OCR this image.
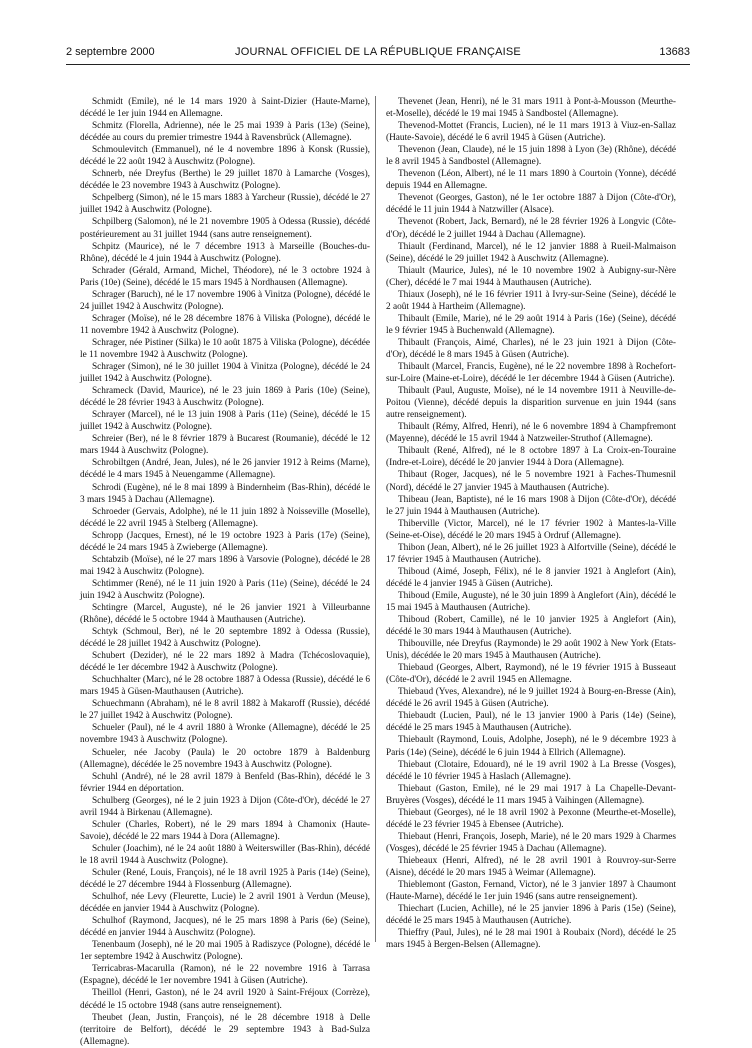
2 septembre 2000	JOURNAL OFFICIEL DE LA RÉPUBLIQUE FRANÇAISE	13683

Schmidt (Emile), né le 14 mars 1920 à Saint-Dizier (Haute-Marne), décédé le 1er juin 1944 en Allemagne.

Schmitz (Florella, Adrienne), née le 25 mai 1939 à Paris (13e) (Seine), décédée au cours du premier trimestre 1944 à Ravensbrück (Allemagne).

Schmoulevitch (Emmanuel), né le 4 novembre 1896 à Konsk (Russie), décédé le 22 août 1942 à Auschwitz (Pologne).

Schnerb, née Dreyfus (Berthe) le 29 juillet 1870 à Lamarche (Vosges), décédée le 23 novembre 1943 à Auschwitz (Pologne).

Schpelberg (Simon), né le 15 mars 1883 à Yarcheur (Russie), décédé le 27 juillet 1942 à Auschwitz (Pologne).

Schpilberg (Salomon), né le 21 novembre 1905 à Odessa (Russie), décédé postérieurement au 31 juillet 1944 (sans autre renseignement).

Schpitz (Maurice), né le 7 décembre 1913 à Marseille (Bouches-du-Rhône), décédé le 4 juin 1944 à Auschwitz (Pologne).

Schrader (Gérald, Armand, Michel, Théodore), né le 3 octobre 1924 à Paris (10e) (Seine), décédé le 15 mars 1945 à Nordhausen (Allemagne).

Schrager (Baruch), né le 17 novembre 1906 à Vinitza (Pologne), décédé le 24 juillet 1942 à Auschwitz (Pologne).

Schrager (Moïse), né le 28 décembre 1876 à Viliska (Pologne), décédé le 11 novembre 1942 à Auschwitz (Pologne).

Schrager, née Pistiner (Silka) le 10 août 1875 à Viliska (Pologne), décédée le 11 novembre 1942 à Auschwitz (Pologne).

Schrager (Simon), né le 30 juillet 1904 à Vinitza (Pologne), décédé le 24 juillet 1942 à Auschwitz (Pologne).

Schrameck (David, Maurice), né le 23 juin 1869 à Paris (10e) (Seine), décédé le 28 février 1943 à Auschwitz (Pologne).

Schrayer (Marcel), né le 13 juin 1908 à Paris (11e) (Seine), décédé le 15 juillet 1942 à Auschwitz (Pologne).

Schreier (Ber), né le 8 février 1879 à Bucarest (Roumanie), décédé le 12 mars 1944 à Auschwitz (Pologne).

Schrobiltgen (André, Jean, Jules), né le 26 janvier 1912 à Reims (Marne), décédé le 4 mars 1945 à Neuengamme (Allemagne).

Schrodi (Eugène), né le 8 mai 1899 à Bindernheim (Bas-Rhin), décédé le 3 mars 1945 à Dachau (Allemagne).

Schroeder (Gervais, Adolphe), né le 11 juin 1892 à Noisseville (Moselle), décédé le 22 avril 1945 à Stelberg (Allemagne).

Schropp (Jacques, Ernest), né le 19 octobre 1923 à Paris (17e) (Seine), décédé le 24 mars 1945 à Zwieberge (Allemagne).

Schtabzib (Moïse), né le 27 mars 1896 à Varsovie (Pologne), décédé le 28 mai 1942 à Auschwitz (Pologne).

Schtimmer (René), né le 11 juin 1920 à Paris (11e) (Seine), décédé le 24 juin 1942 à Auschwitz (Pologne).

Schtingre (Marcel, Auguste), né le 26 janvier 1921 à Villeurbanne (Rhône), décédé le 5 octobre 1944 à Mauthausen (Autriche).

Schtyk (Schmoul, Ber), né le 20 septembre 1892 à Odessa (Russie), décédé le 28 juillet 1942 à Auschwitz (Pologne).

Schubert (Dezider), né le 22 mars 1892 à Madra (Tchécoslovaquie), décédé le 1er décembre 1942 à Auschwitz (Pologne).

Schuchhalter (Marc), né le 28 octobre 1887 à Odessa (Russie), décédé le 6 mars 1945 à Güsen-Mauthausen (Autriche).

Schuechmann (Abraham), né le 8 avril 1882 à Makaroff (Russie), décédé le 27 juillet 1942 à Auschwitz (Pologne).

Schueler (Paul), né le 4 avril 1880 à Wronke (Allemagne), décédé le 25 novembre 1943 à Auschwitz (Pologne).

Schueler, née Jacoby (Paula) le 20 octobre 1879 à Baldenburg (Allemagne), décédée le 25 novembre 1943 à Auschwitz (Pologne).

Schuhl (André), né le 28 avril 1879 à Benfeld (Bas-Rhin), décédé le 3 février 1944 en déportation.

Schulberg (Georges), né le 2 juin 1923 à Dijon (Côte-d'Or), décédé le 27 avril 1944 à Birkenau (Allemagne).

Schuler (Charles, Robert), né le 29 mars 1894 à Chamonix (Haute-Savoie), décédé le 22 mars 1944 à Dora (Allemagne).

Schuler (Joachim), né le 24 août 1880 à Weiterswiller (Bas-Rhin), décédé le 18 avril 1944 à Auschwitz (Pologne).

Schuler (René, Louis, François), né le 18 avril 1925 à Paris (14e) (Seine), décédé le 27 décembre 1944 à Flossenburg (Allemagne).

Schulhof, née Levy (Fleurette, Lucie) le 2 avril 1901 à Verdun (Meuse), décédée en janvier 1944 à Auschwitz (Pologne).

Schulhof (Raymond, Jacques), né le 25 mars 1898 à Paris (6e) (Seine), décédé en janvier 1944 à Auschwitz (Pologne).

Tenenbaum (Joseph), né le 20 mai 1905 à Radiszyce (Pologne), décédé le 1er septembre 1942 à Auschwitz (Pologne).

Terricabras-Macarulla (Ramon), né le 22 novembre 1916 à Tarrasa (Espagne), décédé le 1er novembre 1941 à Güsen (Autriche).

Theillol (Henri, Gaston), né le 24 avril 1920 à Saint-Fréjoux (Corrèze), décédé le 15 octobre 1948 (sans autre renseignement).

Theubet (Jean, Justin, François), né le 28 décembre 1918 à Delle (territoire de Belfort), décédé le 29 septembre 1943 à Bad-Sulza (Allemagne).

Thevenet (Jean, Henri), né le 31 mars 1911 à Pont-à-Mousson (Meurthe-et-Moselle), décédé le 19 mai 1945 à Sandbostel (Allemagne).

Thevenod-Mottet (Francis, Lucien), né le 11 mars 1913 à Viuz-en-Sallaz (Haute-Savoie), décédé le 6 avril 1945 à Güsen (Autriche).

Thevenon (Jean, Claude), né le 15 juin 1898 à Lyon (3e) (Rhône), décédé le 8 avril 1945 à Sandbostel (Allemagne).

Thevenon (Léon, Albert), né le 11 mars 1890 à Courtoin (Yonne), décédé depuis 1944 en Allemagne.

Thevenot (Georges, Gaston), né le 1er octobre 1887 à Dijon (Côte-d'Or), décédé le 11 juin 1944 à Natzwiller (Alsace).

Thevenot (Robert, Jack, Bernard), né le 28 février 1926 à Longvic (Côte-d'Or), décédé le 2 juillet 1944 à Dachau (Allemagne).

Thiault (Ferdinand, Marcel), né le 12 janvier 1888 à Rueil-Malmaison (Seine), décédé le 29 juillet 1942 à Auschwitz (Allemagne).

Thiault (Maurice, Jules), né le 10 novembre 1902 à Aubigny-sur-Nère (Cher), décédé le 7 mai 1944 à Mauthausen (Autriche).

Thiaux (Joseph), né le 16 février 1911 à Ivry-sur-Seine (Seine), décédé le 2 août 1944 à Hartheim (Allemagne).

Thibault (Emile, Marie), né le 29 août 1914 à Paris (16e) (Seine), décédé le 9 février 1945 à Buchenwald (Allemagne).

Thibault (François, Aimé, Charles), né le 23 juin 1921 à Dijon (Côte-d'Or), décédé le 8 mars 1945 à Güsen (Autriche).

Thibault (Marcel, Francis, Eugène), né le 22 novembre 1898 à Rochefort-sur-Loire (Maine-et-Loire), décédé le 1er décembre 1944 à Güsen (Autriche).

Thibault (Paul, Auguste, Moïse), né le 14 novembre 1911 à Neuville-de-Poitou (Vienne), décédé depuis la disparition survenue en juin 1944 (sans autre renseignement).

Thibault (Rémy, Alfred, Henri), né le 6 novembre 1894 à Champfremont (Mayenne), décédé le 15 avril 1944 à Natzweiler-Struthof (Allemagne).

Thibault (René, Alfred), né le 8 octobre 1897 à La Croix-en-Touraine (Indre-et-Loire), décédé le 20 janvier 1944 à Dora (Allemagne).

Thibaut (Roger, Jacques), né le 5 novembre 1921 à Faches-Thumesnil (Nord), décédé le 27 janvier 1945 à Mauthausen (Autriche).

Thibeau (Jean, Baptiste), né le 16 mars 1908 à Dijon (Côte-d'Or), décédé le 27 juin 1944 à Mauthausen (Autriche).

Thiberville (Victor, Marcel), né le 17 février 1902 à Mantes-la-Ville (Seine-et-Oise), décédé le 20 mars 1945 à Ordruf (Allemagne).

Thibon (Jean, Albert), né le 26 juillet 1923 à Alfortville (Seine), décédé le 17 février 1945 à Mauthausen (Autriche).

Thiboud (Aimé, Joseph, Félix), né le 8 janvier 1921 à Anglefort (Ain), décédé le 4 janvier 1945 à Güsen (Autriche).

Thiboud (Emile, Auguste), né le 30 juin 1899 à Anglefort (Ain), décédé le 15 mai 1945 à Mauthausen (Autriche).

Thiboud (Robert, Camille), né le 10 janvier 1925 à Anglefort (Ain), décédé le 30 mars 1944 à Mauthausen (Autriche).

Thibouville, née Dreyfus (Raymonde) le 29 août 1902 à New York (Etats-Unis), décédée le 20 mars 1945 à Mauthausen (Autriche).

Thiebaud (Georges, Albert, Raymond), né le 19 février 1915 à Busseaut (Côte-d'Or), décédé le 2 avril 1945 en Allemagne.

Thiebaud (Yves, Alexandre), né le 9 juillet 1924 à Bourg-en-Bresse (Ain), décédé le 26 avril 1945 à Güsen (Autriche).

Thiebaudt (Lucien, Paul), né le 13 janvier 1900 à Paris (14e) (Seine), décédé le 25 mars 1945 à Mauthausen (Autriche).

Thiebault (Raymond, Louis, Adolphe, Joseph), né le 9 décembre 1923 à Paris (14e) (Seine), décédé le 6 juin 1944 à Ellrich (Allemagne).

Thiebaut (Clotaire, Edouard), né le 19 avril 1902 à La Bresse (Vosges), décédé le 10 février 1945 à Haslach (Allemagne).

Thiebaut (Gaston, Emile), né le 29 mai 1917 à La Chapelle-Devant-Bruyères (Vosges), décédé le 11 mars 1945 à Vaihingen (Allemagne).

Thiebaut (Georges), né le 18 avril 1902 à Pexonne (Meurthe-et-Moselle), décédé le 23 février 1945 à Ebensee (Autriche).

Thiebaut (Henri, François, Joseph, Marie), né le 20 mars 1929 à Charmes (Vosges), décédé le 25 février 1945 à Dachau (Allemagne).

Thiebeaux (Henri, Alfred), né le 28 avril 1901 à Rouvroy-sur-Serre (Aisne), décédé le 20 mars 1945 à Weimar (Allemagne).

Thieblemont (Gaston, Fernand, Victor), né le 3 janvier 1897 à Chaumont (Haute-Marne), décédé le 1er juin 1946 (sans autre renseignement).

Thiechart (Lucien, Achille), né le 25 janvier 1896 à Paris (15e) (Seine), décédé le 25 mars 1945 à Mauthausen (Autriche).

Thieffry (Paul, Jules), né le 28 mai 1901 à Roubaix (Nord), décédé le 25 mars 1945 à Bergen-Belsen (Allemagne).
